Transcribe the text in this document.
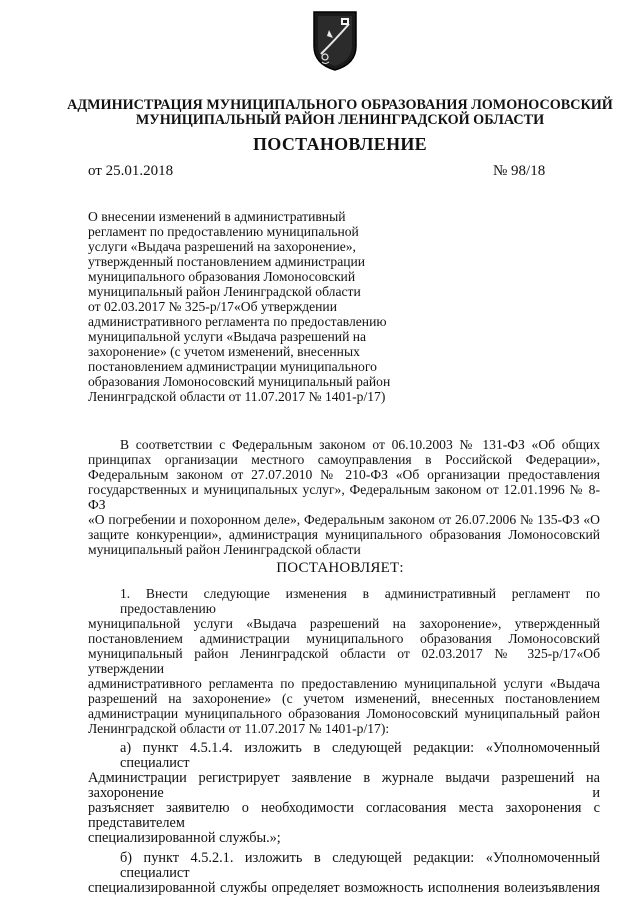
АДМИНИСТРАЦИЯ МУНИЦИПАЛЬНОГО ОБРАЗОВАНИЯ ЛОМОНОСОВСКИЙ
МУНИЦИПАЛЬНЫЙ РАЙОН ЛЕНИНГРАДСКОЙ ОБЛАСТИ
ПОСТАНОВЛЕНИЕ
от 25.01.2018	№ 98/18
О внесении изменений в административный
регламент по предоставлению муниципальной
услуги «Выдача разрешений на захоронение»,
утвержденный постановлением администрации
муниципального образования Ломоносовский
муниципальный район Ленинградской области
от 02.03.2017 № 325-р/17«Об утверждении
административного регламента по предоставлению
муниципальной услуги «Выдача разрешений на
захоронение» (с учетом изменений, внесенных
постановлением администрации муниципального
образования Ломоносовский муниципальный район
Ленинградской области от 11.07.2017 № 1401-р/17)
В соответствии с Федеральным законом от 06.10.2003 № 131-ФЗ «Об общих
принципах организации местного самоуправления в Российской Федерации»,
Федеральным законом от 27.07.2010 № 210-ФЗ «Об организации предоставления
государственных и муниципальных услуг», Федеральным законом от 12.01.1996 № 8-ФЗ
«О погребении и похоронном деле», Федеральным законом от 26.07.2006 № 135-ФЗ «О
защите конкуренции», администрация муниципального образования Ломоносовский
муниципальный район Ленинградской области
ПОСТАНОВЛЯЕТ:
1. Внести следующие изменения в административный регламент по предоставлению
муниципальной услуги «Выдача разрешений на захоронение», утвержденный
постановлением администрации муниципального образования Ломоносовский
муниципальный район Ленинградской области от 02.03.2017 № 325-р/17«Об утверждении
административного регламента по предоставлению муниципальной услуги «Выдача
разрешений на захоронение» (с учетом изменений, внесенных постановлением
администрации муниципального образования Ломоносовский муниципальный район
Ленинградской области от 11.07.2017 № 1401-р/17):
а) пункт 4.5.1.4. изложить в следующей редакции: «Уполномоченный специалист
Администрации регистрирует заявление в журнале выдачи разрешений на захоронение и
разъясняет заявителю о необходимости согласования места захоронения с представителем
специализированной службы.»;
б) пункт 4.5.2.1. изложить в следующей редакции: «Уполномоченный специалист
специализированной службы определяет возможность исполнения волеизъявления
